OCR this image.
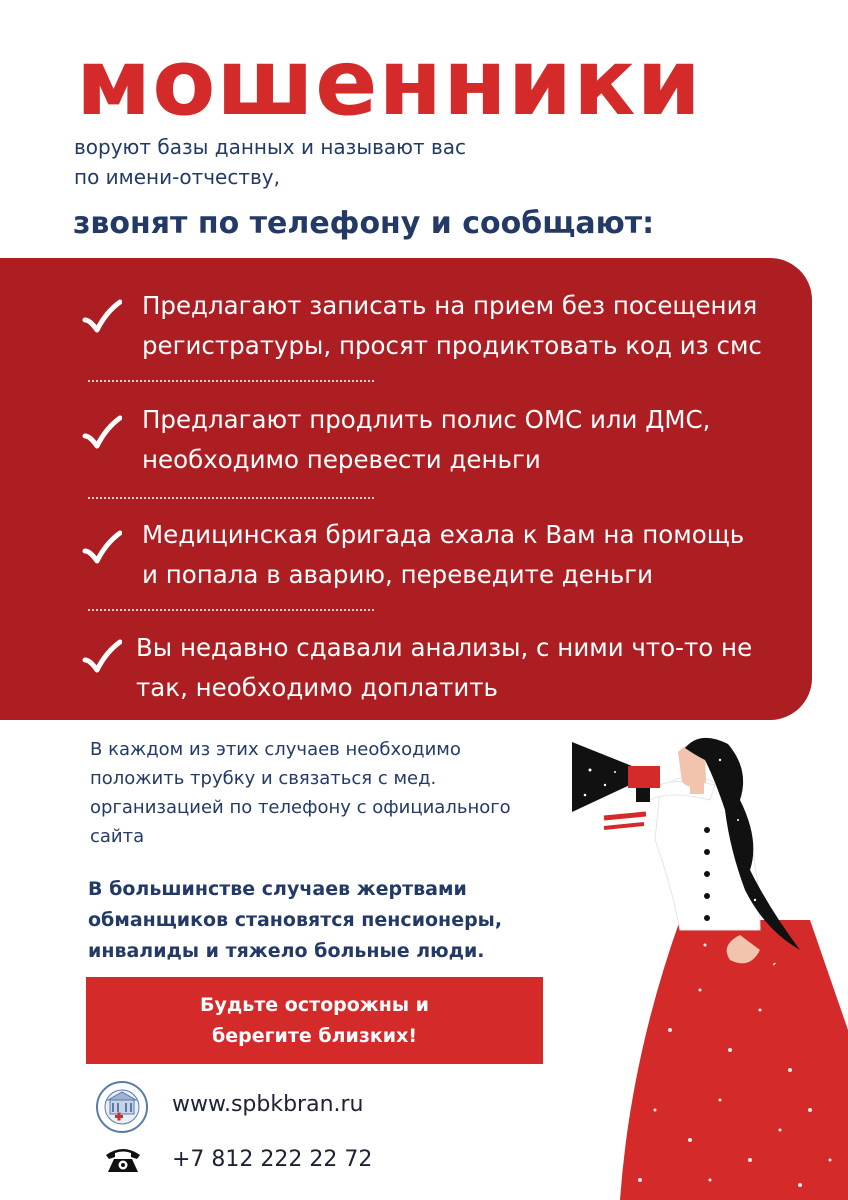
мошенники
воруют базы данных и называют вас
по имени-отчеству,
звонят по телефону и сообщают:
Предлагают записать на прием без посещения
регистратуры, просят продиктовать код из смс
Предлагают продлить полис ОМС или ДМС,
необходимо перевести деньги
Медицинская бригада ехала к Вам на помощь
и попала в аварию, переведите деньги
Вы недавно сдавали анализы, с ними что-то не
так, необходимо доплатить
В каждом из этих случаев необходимо
положить трубку и связаться с мед.
организацией по телефону с официального
сайта
В большинстве случаев жертвами
обманщиков становятся пенсионеры,
инвалиды и тяжело больные люди.
Будьте осторожны и
берегите близких!
www.spbkbran.ru
+7 812 222 22 72
